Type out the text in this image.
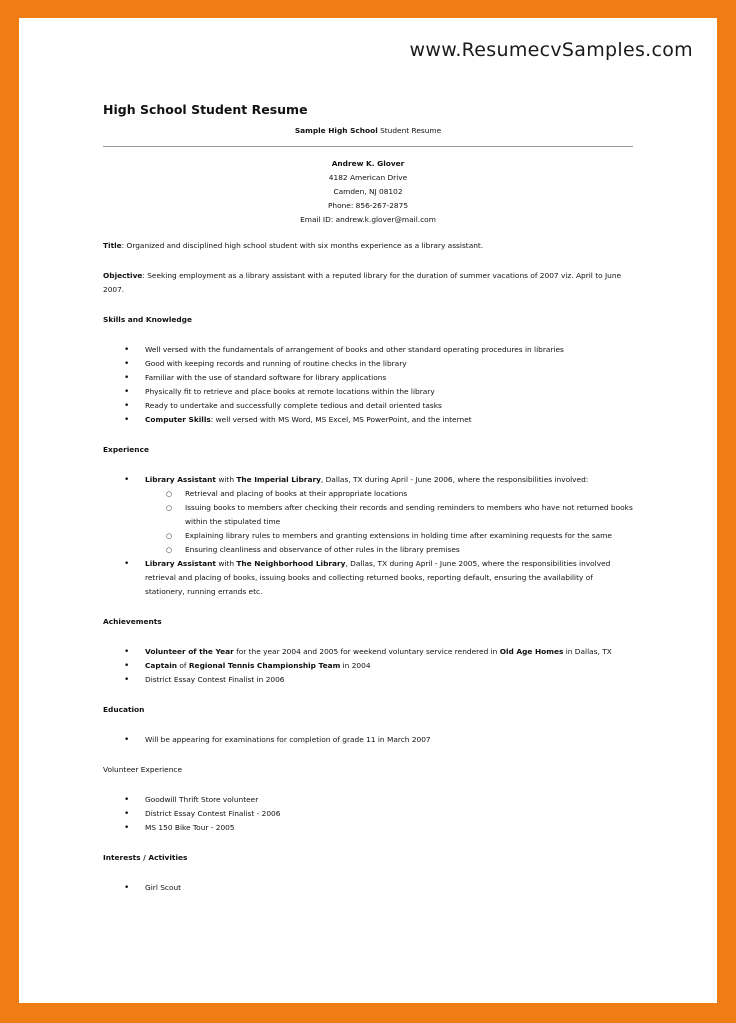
www.ResumecvSamples.com
High School Student Resume
Sample High School Student Resume
Andrew K. Glover
4182 American Drive
Camden, NJ 08102
Phone: 856-267-2875
Email ID: andrew.k.glover@mail.com
Title: Organized and disciplined high school student with six months experience as a library assistant.
Objective: Seeking employment as a library assistant with a reputed library for the duration of summer vacations of 2007 viz. April to June 2007.
Skills and Knowledge
• Well versed with the fundamentals of arrangement of books and other standard operating procedures in libraries
• Good with keeping records and running of routine checks in the library
• Familiar with the use of standard software for library applications
• Physically fit to retrieve and place books at remote locations within the library
• Ready to undertake and successfully complete tedious and detail oriented tasks
• Computer Skills: well versed with MS Word, MS Excel, MS PowerPoint, and the internet
Experience
• Library Assistant with The Imperial Library, Dallas, TX during April - June 2006, where the responsibilities involved:
○ Retrieval and placing of books at their appropriate locations
○ Issuing books to members after checking their records and sending reminders to members who have not returned books within the stipulated time
○ Explaining library rules to members and granting extensions in holding time after examining requests for the same
○ Ensuring cleanliness and observance of other rules in the library premises
• Library Assistant with The Neighborhood Library, Dallas, TX during April - June 2005, where the responsibilities involved retrieval and placing of books, issuing books and collecting returned books, reporting default, ensuring the availability of stationery, running errands etc.
Achievements
• Volunteer of the Year for the year 2004 and 2005 for weekend voluntary service rendered in Old Age Homes in Dallas, TX
• Captain of Regional Tennis Championship Team in 2004
• District Essay Contest Finalist in 2006
Education
• Will be appearing for examinations for completion of grade 11 in March 2007
Volunteer Experience
• Goodwill Thrift Store volunteer
• District Essay Contest Finalist - 2006
• MS 150 Bike Tour - 2005
Interests / Activities
• Girl Scout
